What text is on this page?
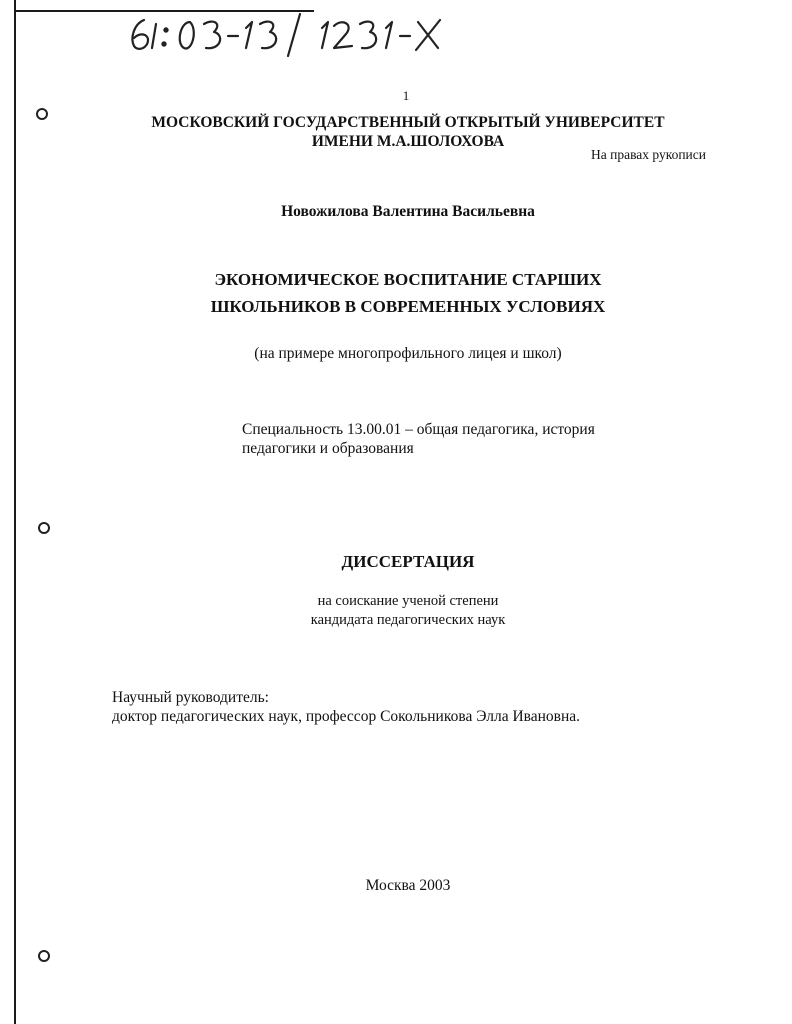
1
МОСКОВСКИЙ ГОСУДАРСТВЕННЫЙ ОТКРЫТЫЙ УНИВЕРСИТЕТ
ИМЕНИ М.А.ШОЛОХОВА
На правах рукописи
Новожилова Валентина Васильевна
ЭКОНОМИЧЕСКОЕ ВОСПИТАНИЕ СТАРШИХ
ШКОЛЬНИКОВ В СОВРЕМЕННЫХ УСЛОВИЯХ
(на примере многопрофильного лицея и школ)
Специальность 13.00.01 – общая педагогика, история
педагогики и образования
ДИССЕРТАЦИЯ
на соискание ученой степени
кандидата педагогических наук
Научный руководитель:
доктор педагогических наук, профессор Сокольникова Элла Ивановна.
Москва 2003
